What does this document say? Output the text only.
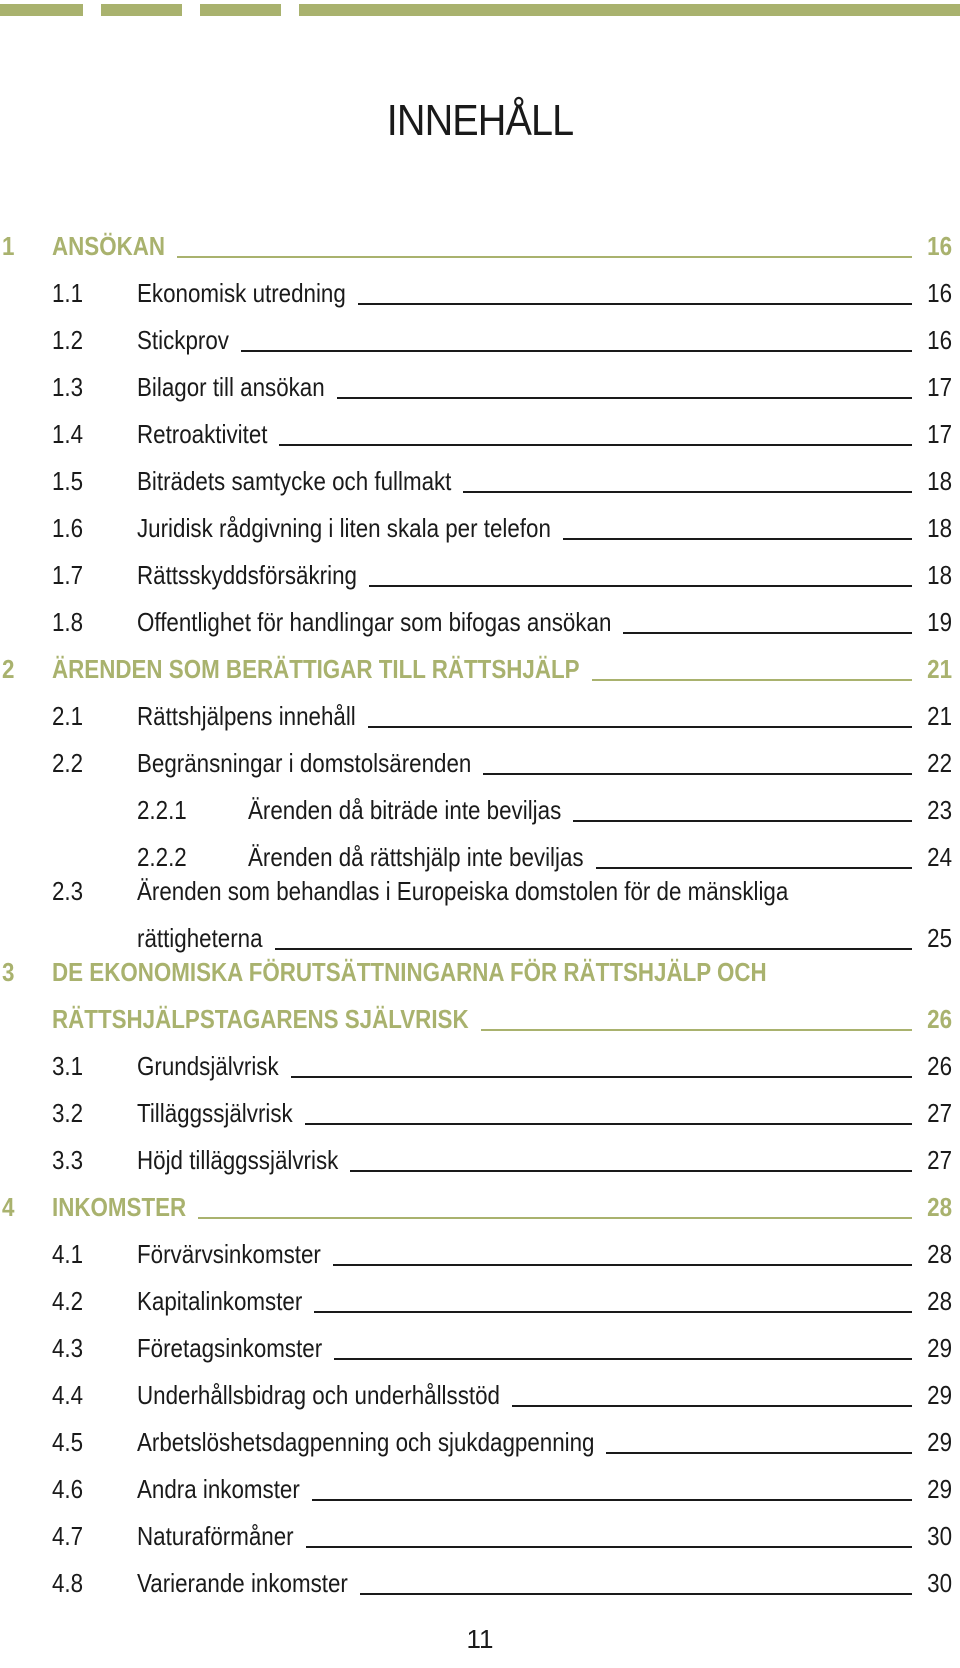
INNEHÅLL
1 ANSÖKAN	16
1.1 Ekonomisk utredning	16
1.2 Stickprov	16
1.3 Bilagor till ansökan	17
1.4 Retroaktivitet	17
1.5 Biträdets samtycke och fullmakt	18
1.6 Juridisk rådgivning i liten skala per telefon	18
1.7 Rättsskyddsförsäkring	18
1.8 Offentlighet för handlingar som bifogas ansökan	19
2 ÄRENDEN SOM BERÄTTIGAR TILL RÄTTSHJÄLP	21
2.1 Rättshjälpens innehåll	21
2.2 Begränsningar i domstolsärenden	22
2.2.1 Ärenden då biträde inte beviljas	23
2.2.2 Ärenden då rättshjälp inte beviljas	24
2.3 Ärenden som behandlas i Europeiska domstolen för de mänskliga
rättigheterna	25
3 DE EKONOMISKA FÖRUTSÄTTNINGARNA FÖR RÄTTSHJÄLP OCH
RÄTTSHJÄLPSTAGARENS SJÄLVRISK	26
3.1 Grundsjälvrisk	26
3.2 Tilläggssjälvrisk	27
3.3 Höjd tilläggssjälvrisk	27
4 INKOMSTER	28
4.1 Förvärvsinkomster	28
4.2 Kapitalinkomster	28
4.3 Företagsinkomster	29
4.4 Underhållsbidrag och underhållsstöd	29
4.5 Arbetslöshetsdagpenning och sjukdagpenning	29
4.6 Andra inkomster	29
4.7 Naturaförmåner	30
4.8 Varierande inkomster	30
11
